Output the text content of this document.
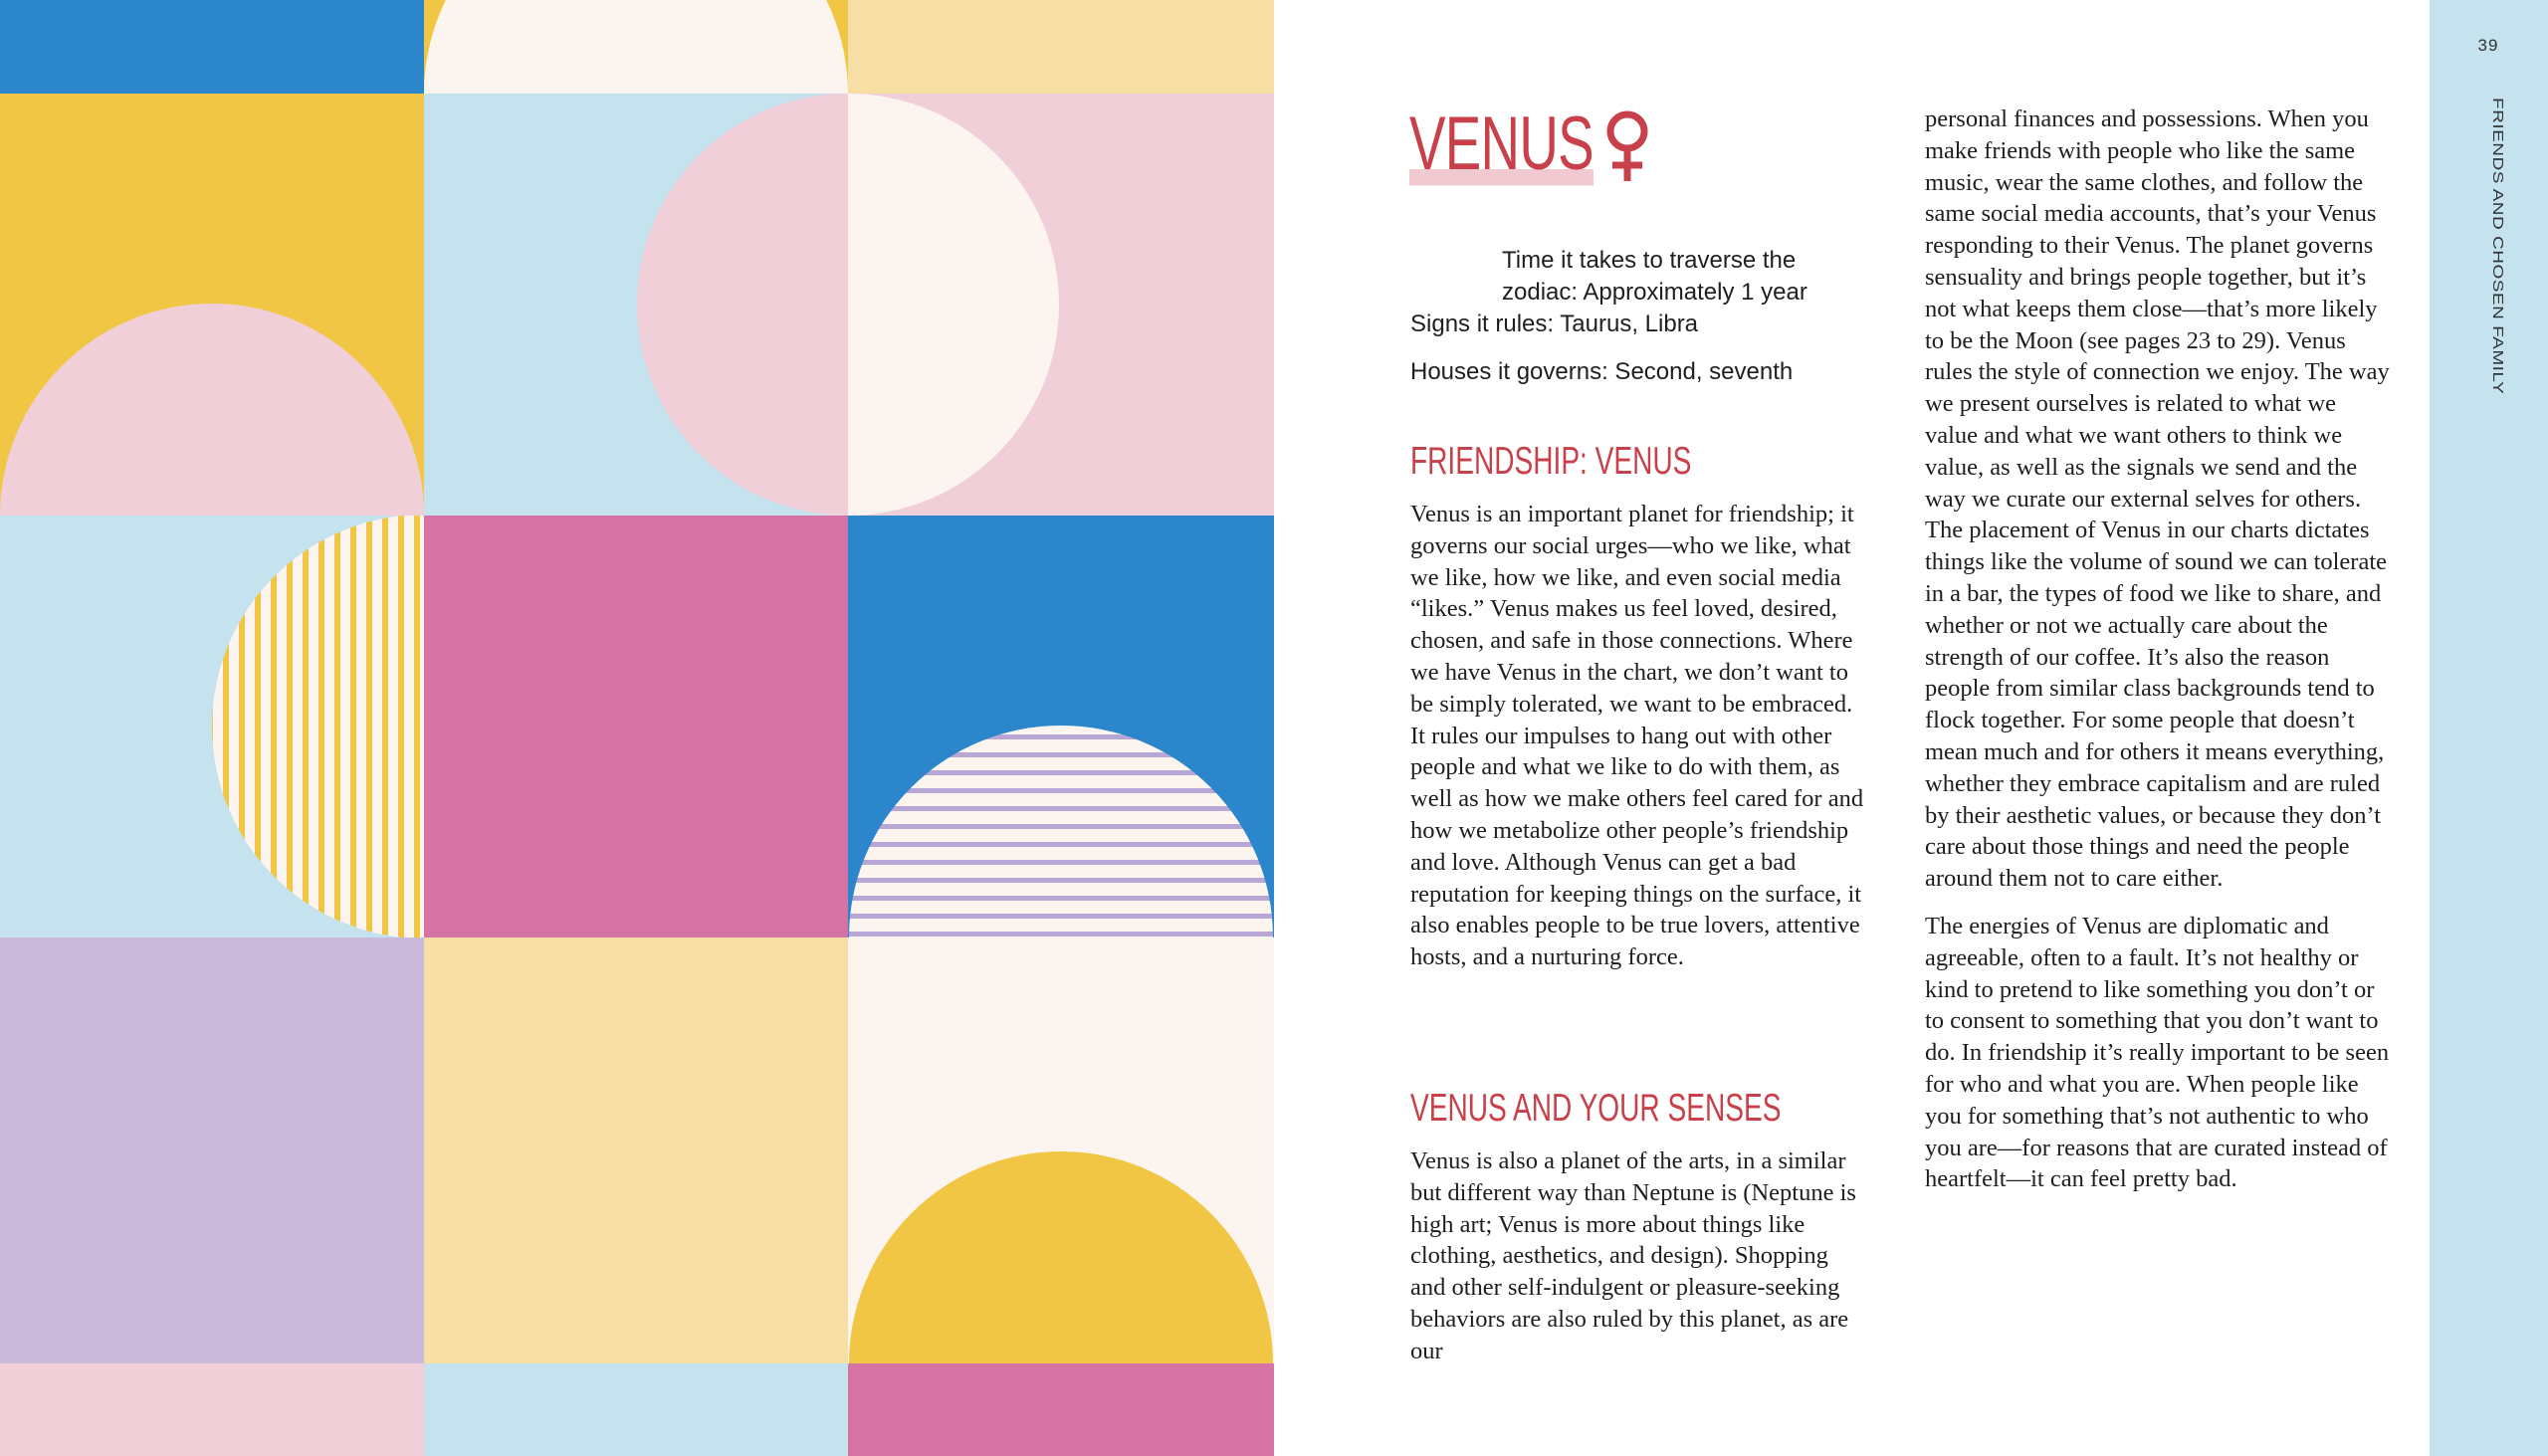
39
FRIENDS AND CHOSEN FAMILY
VENUS
Time it takes to traverse the zodiac: Approximately 1 year
Signs it rules: Taurus, Libra
Houses it governs: Second, seventh
FRIENDSHIP: VENUS

Venus is an important planet for friendship; it governs our social urges—who we like, what we like, how we like, and even social media “likes.” Venus makes us feel loved, desired, chosen, and safe in those connections. Where we have Venus in the chart, we don’t want to be simply tolerated, we want to be embraced. It rules our impulses to hang out with other people and what we like to do with them, as well as how we make others feel cared for and how we metabolize other people’s friendship and love. Although Venus can get a bad reputation for keeping things on the surface, it also enables people to be true lovers, attentive hosts, and a nurturing force.

VENUS AND YOUR SENSES

Venus is also a planet of the arts, in a similar but different way than Neptune is (Neptune is high art; Venus is more about things like clothing, aesthetics, and design). Shopping and other self-indulgent or pleasure-seeking behaviors are also ruled by this planet, as are our

personal finances and possessions. When you make friends with people who like the same music, wear the same clothes, and follow the same social media accounts, that’s your Venus responding to their Venus. The planet governs sensuality and brings people together, but it’s not what keeps them close—that’s more likely to be the Moon (see pages 23 to 29). Venus rules the style of connection we enjoy. The way we present ourselves is related to what we value and what we want others to think we value, as well as the signals we send and the way we curate our external selves for others. The placement of Venus in our charts dictates things like the volume of sound we can tolerate in a bar, the types of food we like to share, and whether or not we actually care about the strength of our coffee. It’s also the reason people from similar class backgrounds tend to flock together. For some people that doesn’t mean much and for others it means everything, whether they embrace capitalism and are ruled by their aesthetic values, or because they don’t care about those things and need the people around them not to care either.

The energies of Venus are diplomatic and agreeable, often to a fault. It’s not healthy or kind to pretend to like something you don’t or to consent to something that you don’t want to do. In friendship it’s really important to be seen for who and what you are. When people like you for something that’s not authentic to who you are—for reasons that are curated instead of heartfelt—it can feel pretty bad.
